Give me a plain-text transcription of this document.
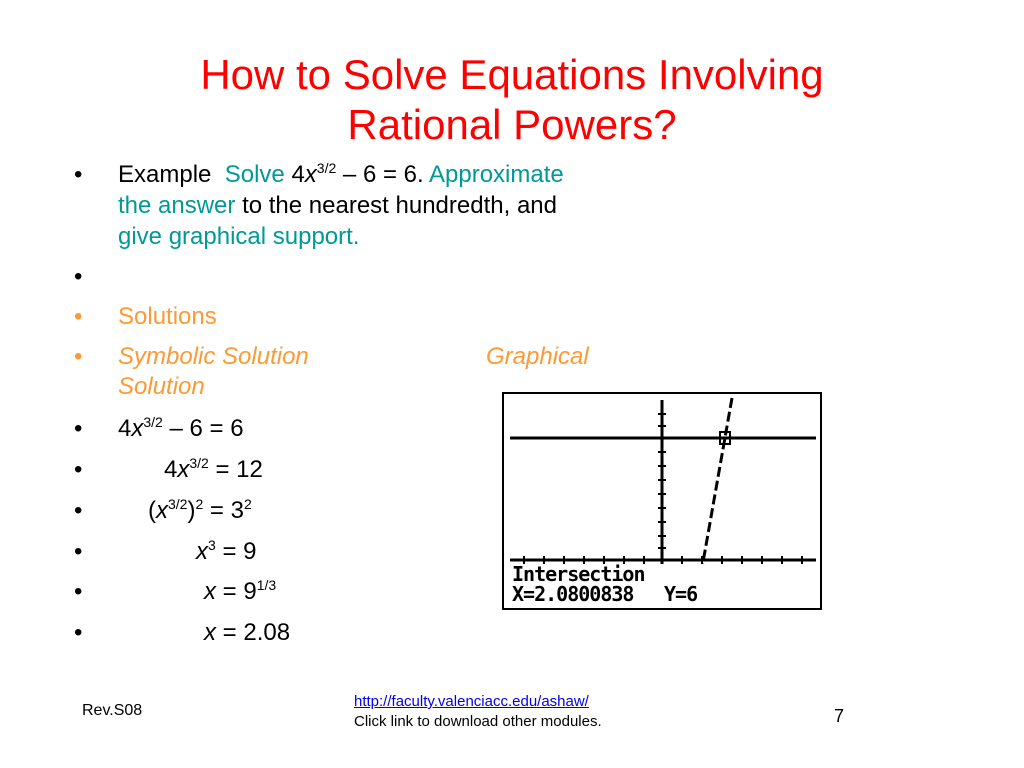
How to Solve Equations Involving
Rational Powers?
•	Example Solve $4x^{3/2} - 6 = 6$. Approximate
the answer to the nearest hundredth, and
give graphical support.
•
•	Solutions
•	Symbolic Solution	Graphical
Solution
•	$4x^{3/2} - 6 = 6$
•	$4x^{3/2} = 12$
•	$(x^{3/2})^2 = 3^2$
•	$x^3 = 9$
•	$x = 9^{1/3}$
•	x = 2.08
Intersection
X=2.0800838 Y=6
Rev.S08
http://faculty.valenciacc.edu/ashaw/
Click link to download other modules.	7
